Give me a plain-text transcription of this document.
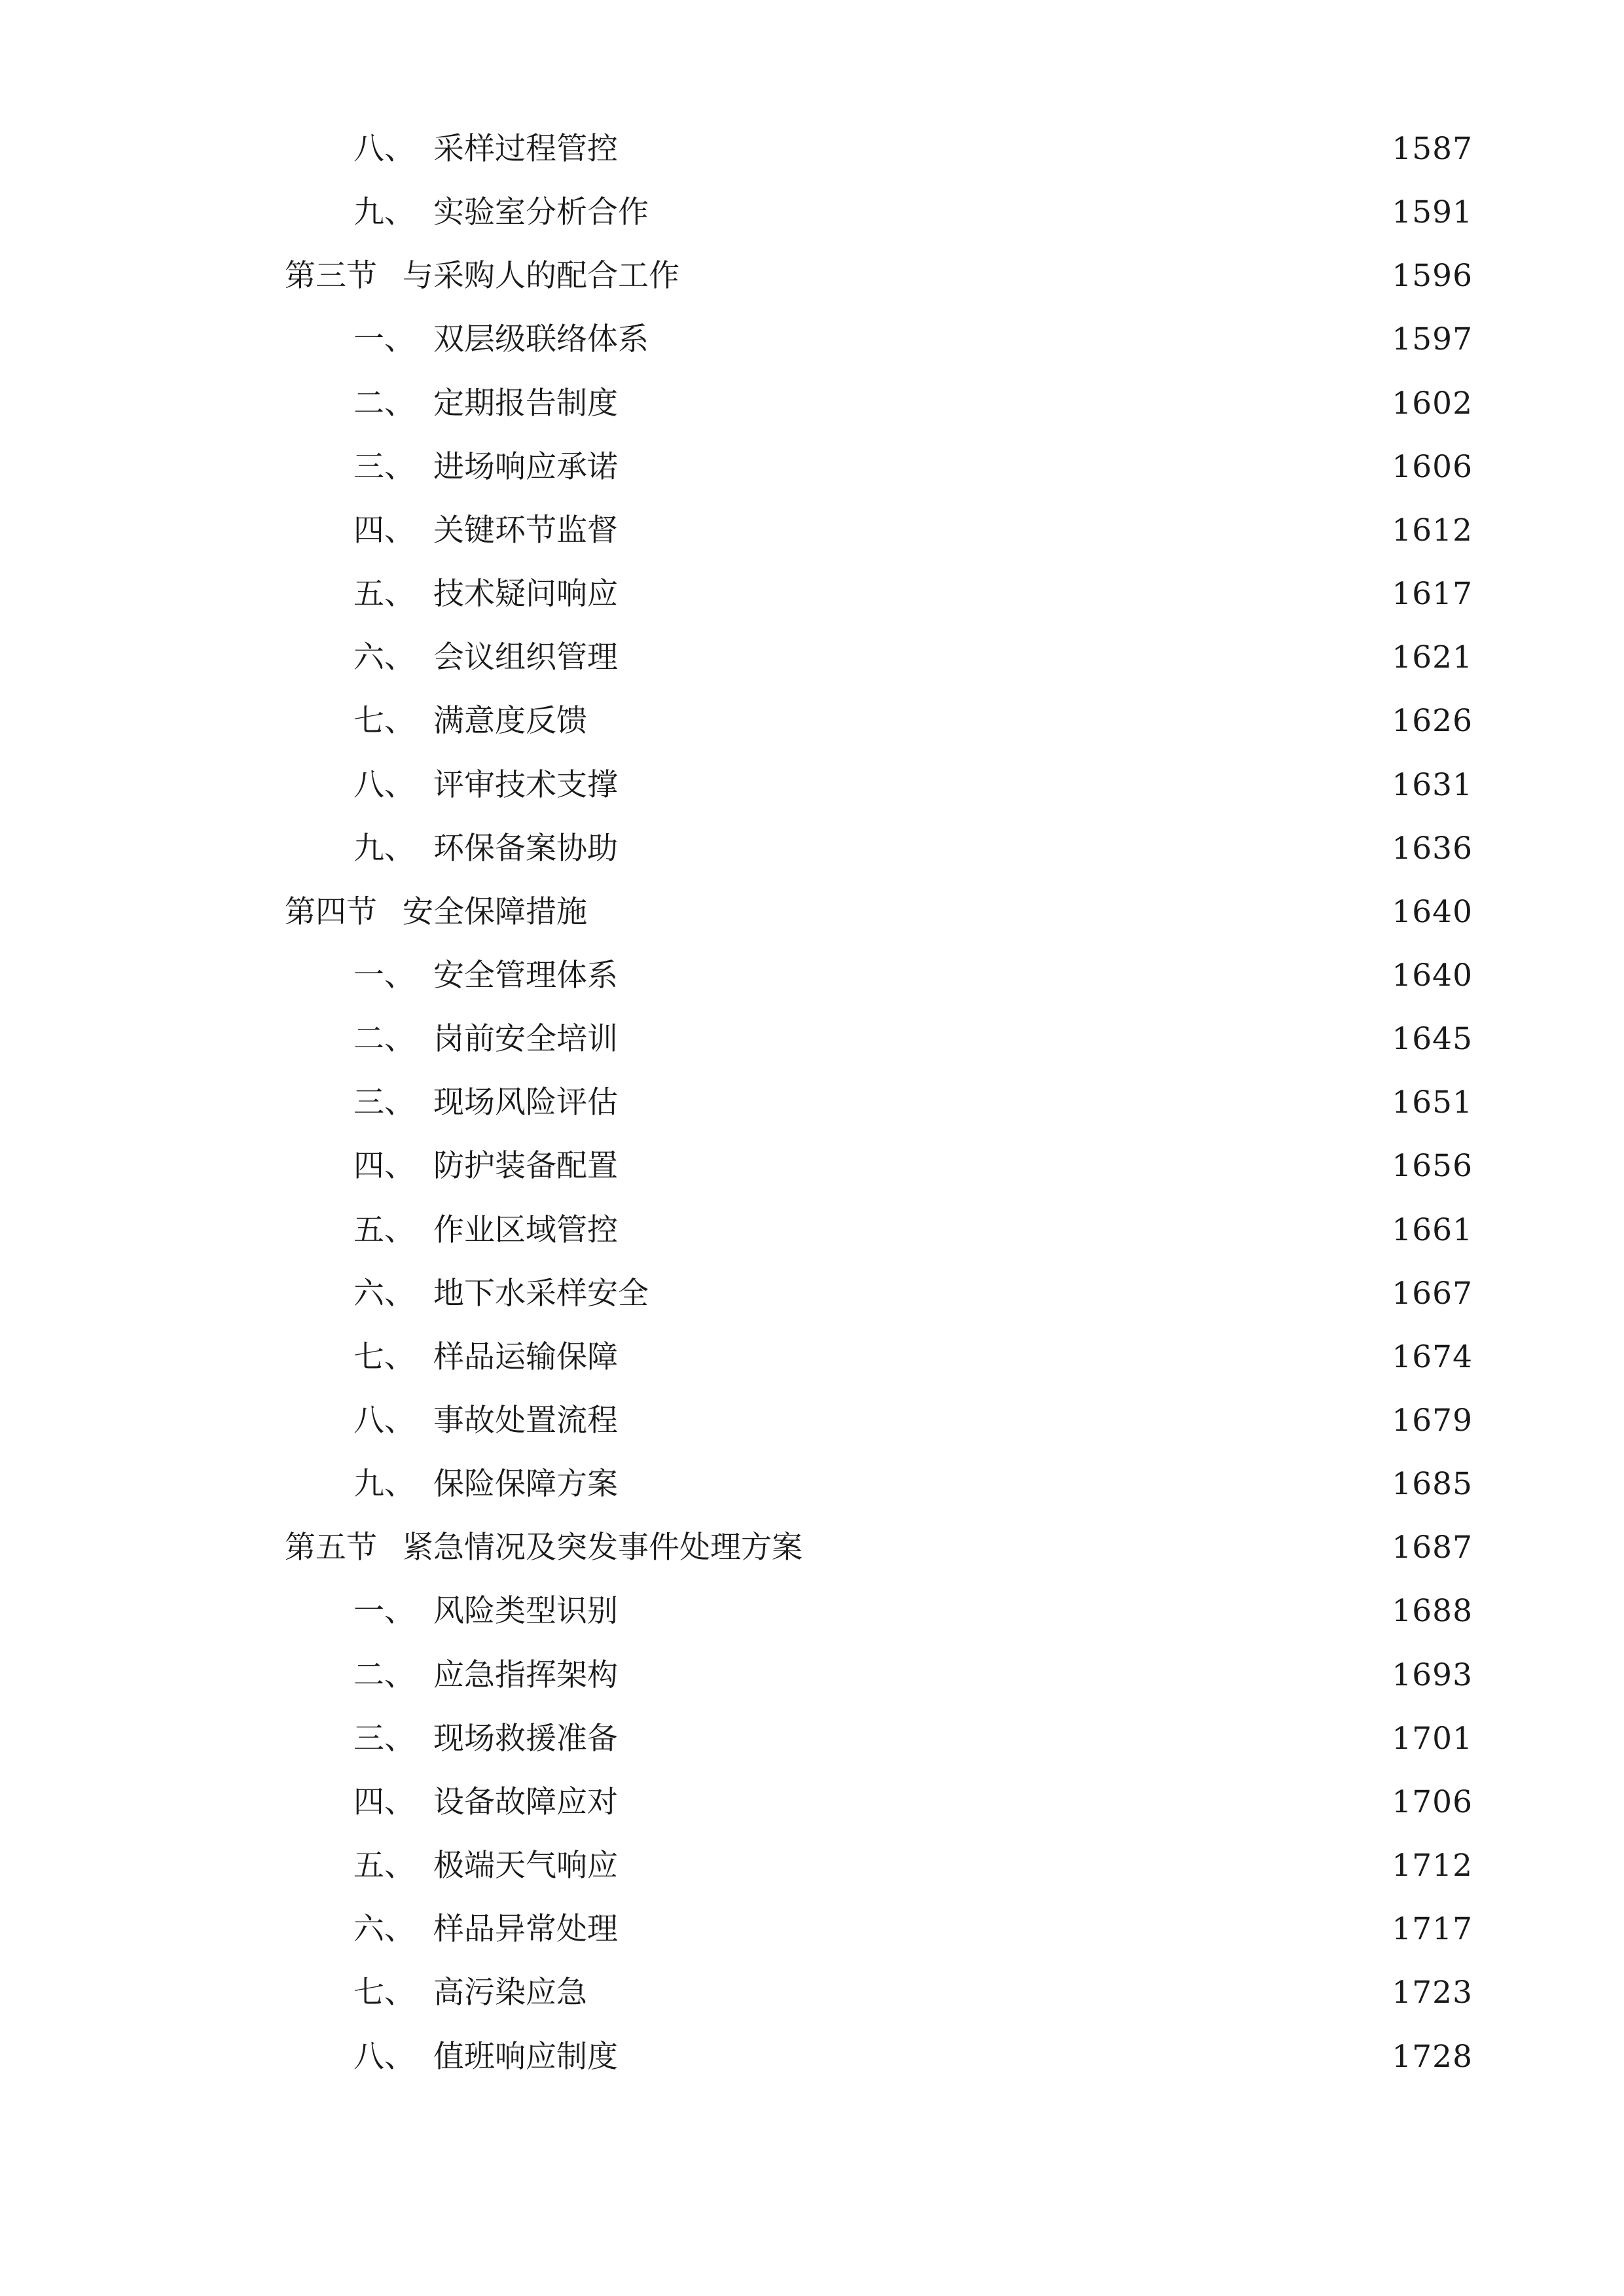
八、 采样过程管控	1587
九、 实验室分析合作	1591
第三节 与采购人的配合工作	1596
一、 双层级联络体系	1597
二、 定期报告制度	1602
三、 进场响应承诺	1606
四、 关键环节监督	1612
五、 技术疑问响应	1617
六、 会议组织管理	1621
七、 满意度反馈	1626
八、 评审技术支撑	1631
九、 环保备案协助	1636
第四节 安全保障措施	1640
一、 安全管理体系	1640
二、 岗前安全培训	1645
三、 现场风险评估	1651
四、 防护装备配置	1656
五、 作业区域管控	1661
六、 地下水采样安全	1667
七、 样品运输保障	1674
八、 事故处置流程	1679
九、 保险保障方案	1685
第五节 紧急情况及突发事件处理方案	1687
一、 风险类型识别	1688
二、 应急指挥架构	1693
三、 现场救援准备	1701
四、 设备故障应对	1706
五、 极端天气响应	1712
六、 样品异常处理	1717
七、 高污染应急	1723
八、 值班响应制度	1728
